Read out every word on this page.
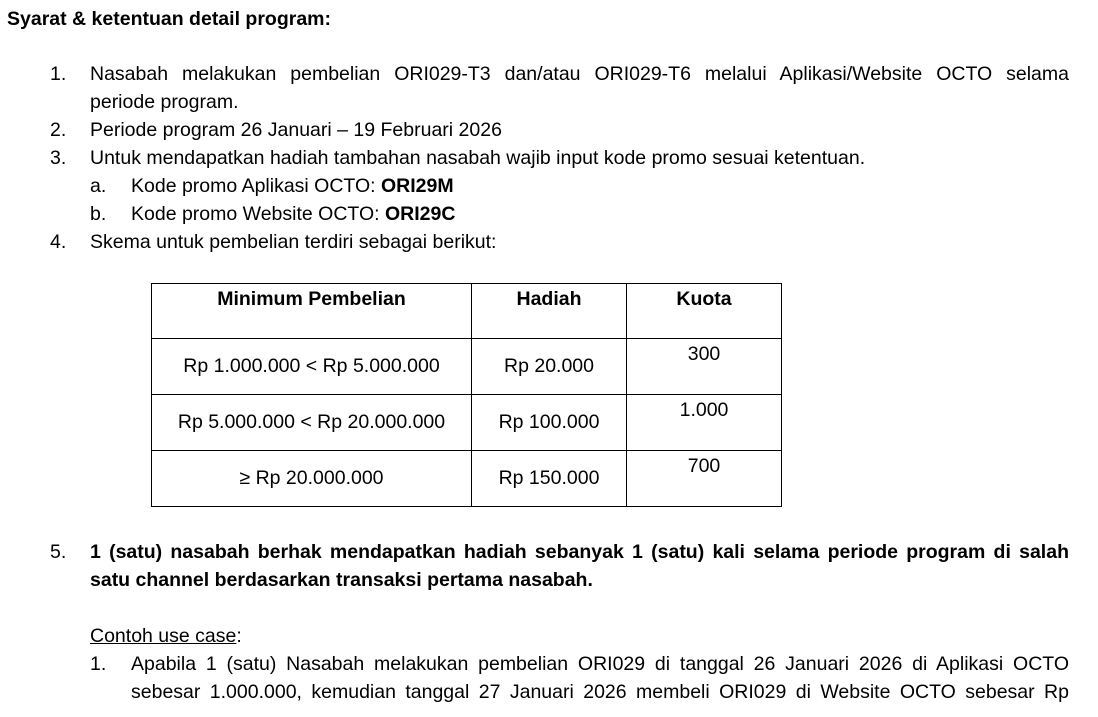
Syarat & ketentuan detail program:
1. Nasabah melakukan pembelian ORI029-T3 dan/atau ORI029-T6 melalui Aplikasi/Website OCTO selama
periode program.
2. Periode program 26 Januari – 19 Februari 2026
3. Untuk mendapatkan hadiah tambahan nasabah wajib input kode promo sesuai ketentuan.
a. Kode promo Aplikasi OCTO: ORI29M
b. Kode promo Website OCTO: ORI29C
4. Skema untuk pembelian terdiri sebagai berikut:
Minimum Pembelian	Hadiah	Kuota
Rp 1.000.000 < Rp 5.000.000	Rp 20.000	300
Rp 5.000.000 < Rp 20.000.000	Rp 100.000	1.000
≥ Rp 20.000.000	Rp 150.000	700
5. 1 (satu) nasabah berhak mendapatkan hadiah sebanyak 1 (satu) kali selama periode program di salah
satu channel berdasarkan transaksi pertama nasabah.
Contoh use case:
1. Apabila 1 (satu) Nasabah melakukan pembelian ORI029 di tanggal 26 Januari 2026 di Aplikasi OCTO
sebesar 1.000.000, kemudian tanggal 27 Januari 2026 membeli ORI029 di Website OCTO sebesar Rp
